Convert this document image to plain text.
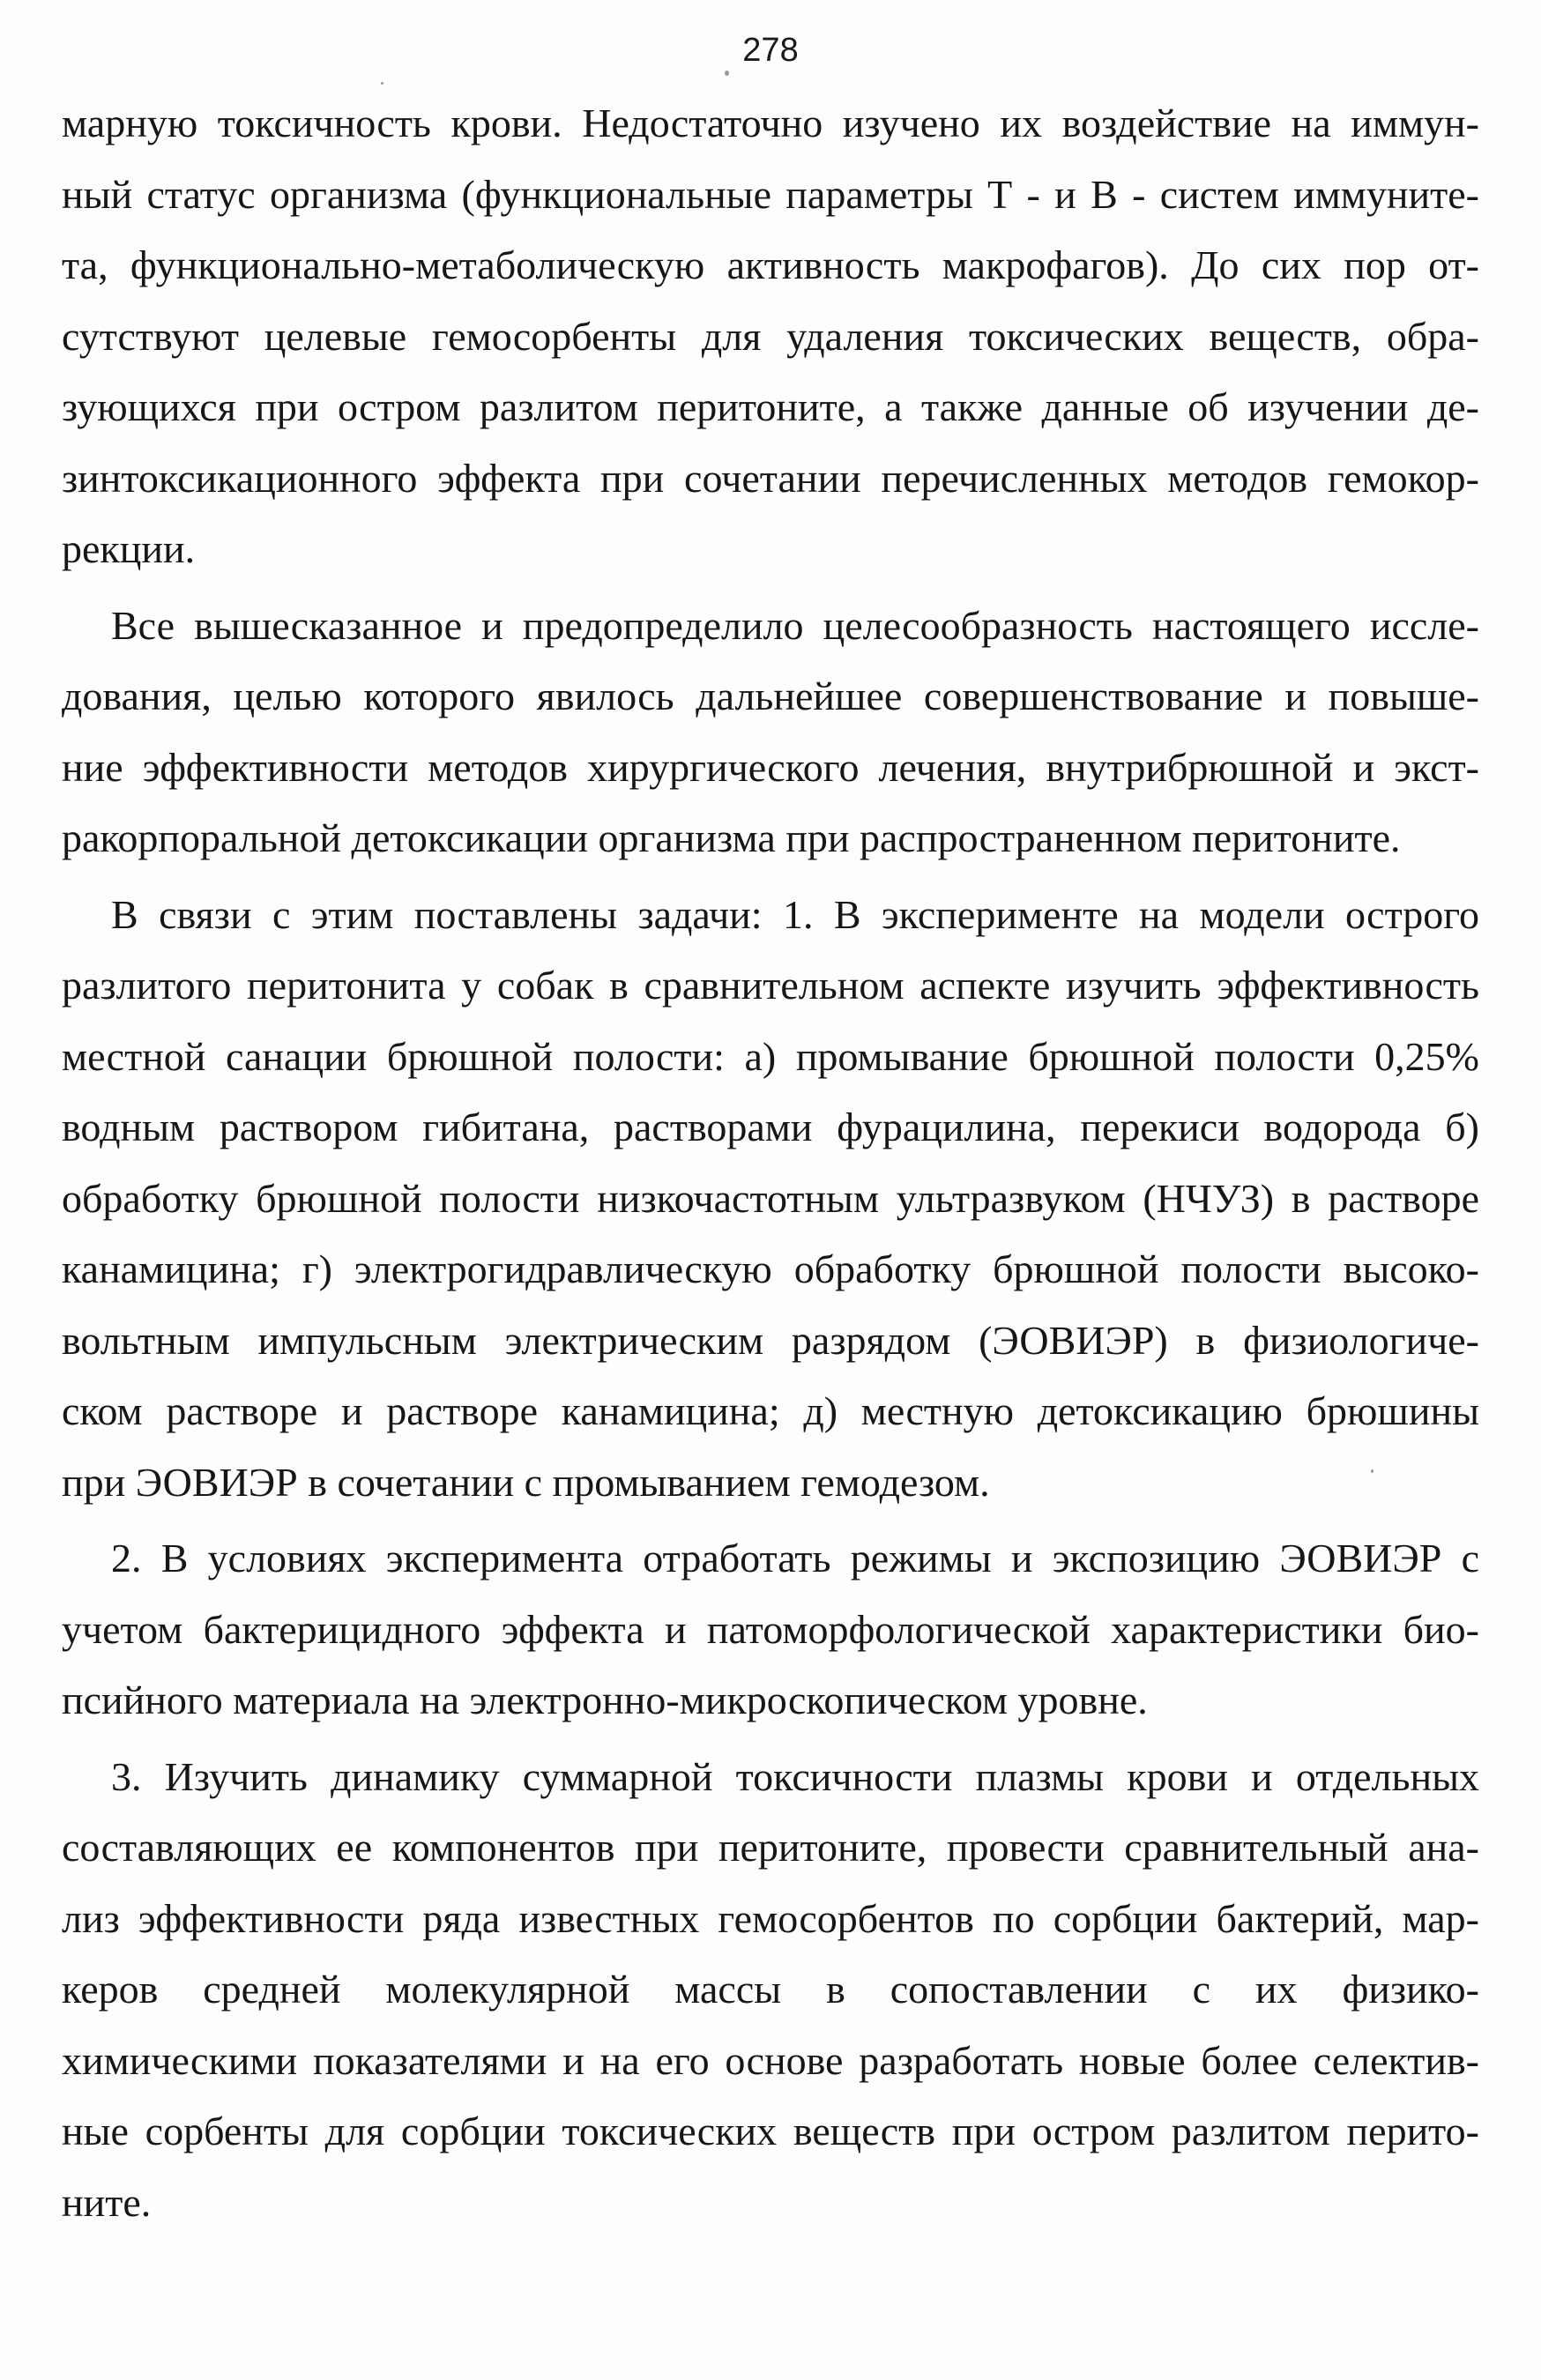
278
марную токсичность крови. Недостаточно изучено их воздействие на иммун-
ный статус организма (функциональные параметры Т - и В - систем иммуните-
та, функционально-метаболическую активность макрофагов). До сих пор от-
сутствуют целевые гемосорбенты для удаления токсических веществ, обра-
зующихся при остром разлитом перитоните, а также данные об изучении де-
зинтоксикационного эффекта при сочетании перечисленных методов гемокор-
рекции.
Все вышесказанное и предопределило целесообразность настоящего иссле-
дования, целью которого явилось дальнейшее совершенствование и повыше-
ние эффективности методов хирургического лечения, внутрибрюшной и экст-
ракорпоральной детоксикации организма при распространенном перитоните.
В связи с этим поставлены задачи: 1. В эксперименте на модели острого
разлитого перитонита у собак в сравнительном аспекте изучить эффективность
местной санации брюшной полости: а) промывание брюшной полости 0,25%
водным раствором гибитана, растворами фурацилина, перекиси водорода б)
обработку брюшной полости низкочастотным ультразвуком (НЧУЗ) в растворе
канамицина; г) электрогидравлическую обработку брюшной полости высоко-
вольтным импульсным электрическим разрядом (ЭОВИЭР) в физиологиче-
ском растворе и растворе канамицина; д) местную детоксикацию брюшины
при ЭОВИЭР в сочетании с промыванием гемодезом.
2. В условиях эксперимента отработать режимы и экспозицию ЭОВИЭР с
учетом бактерицидного эффекта и патоморфологической характеристики био-
псийного материала на электронно-микроскопическом уровне.
3. Изучить динамику суммарной токсичности плазмы крови и отдельных
составляющих ее компонентов при перитоните, провести сравнительный ана-
лиз эффективности ряда известных гемосорбентов по сорбции бактерий, мар-
керов средней молекулярной массы в сопоставлении с их физико-
химическими показателями и на его основе разработать новые более селектив-
ные сорбенты для сорбции токсических веществ при остром разлитом перито-
ните.
